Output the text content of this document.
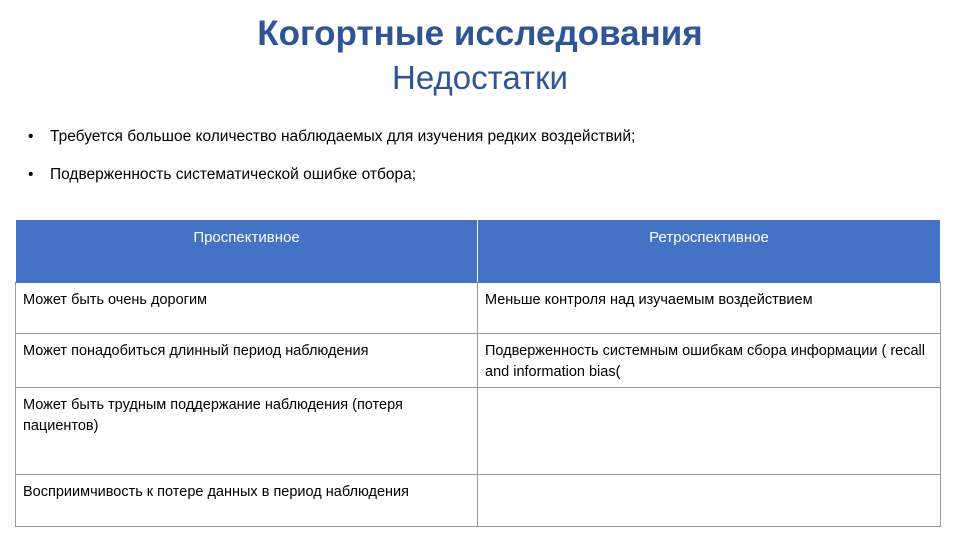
Когортные исследования
Недостатки
• Требуется большое количество наблюдаемых для изучения редких воздействий;
• Подверженность систематической ошибке отбора;
Проспективное	Ретроспективное
Может быть очень дорогим	Меньше контроля над изучаемым воздействием
Может понадобиться длинный период наблюдения	Подверженность системным ошибкам сбора информации ( recall and information bias(
Может быть трудным поддержание наблюдения (потеря пациентов)	
Восприимчивость к потере данных в период наблюдения	
